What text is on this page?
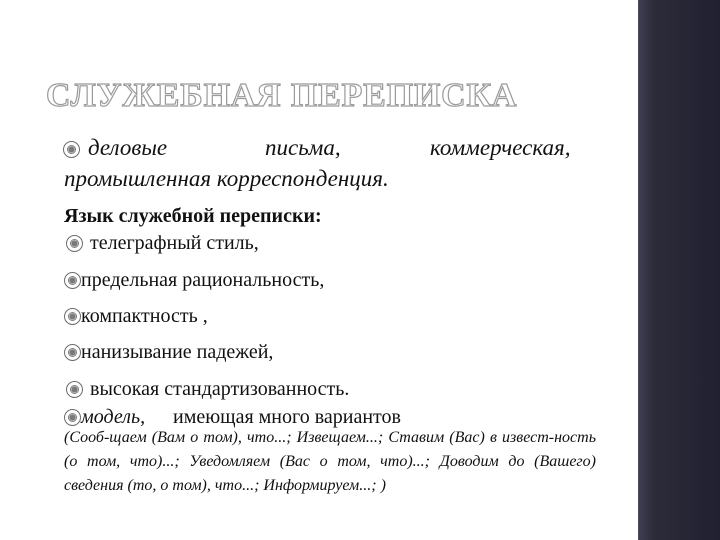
СЛУЖЕБНАЯ ПЕРЕПИСКА
деловые	письма,	коммерческая,
промышленная корреспонденция.
Язык служебной переписки:
телеграфный стиль,
предельная рациональность,
компактность ,
нанизывание падежей,
высокая стандартизованность.
модель, имеющая много вариантов
(Сооб-щаем (Вам о том), что...; Извещаем...; Ставим (Вас) в извест-ность (о том, что)...; Уведомляем (Вас о том, что)...; Доводим до (Вашего) сведения (то, о том), что...; Информируем...; )
